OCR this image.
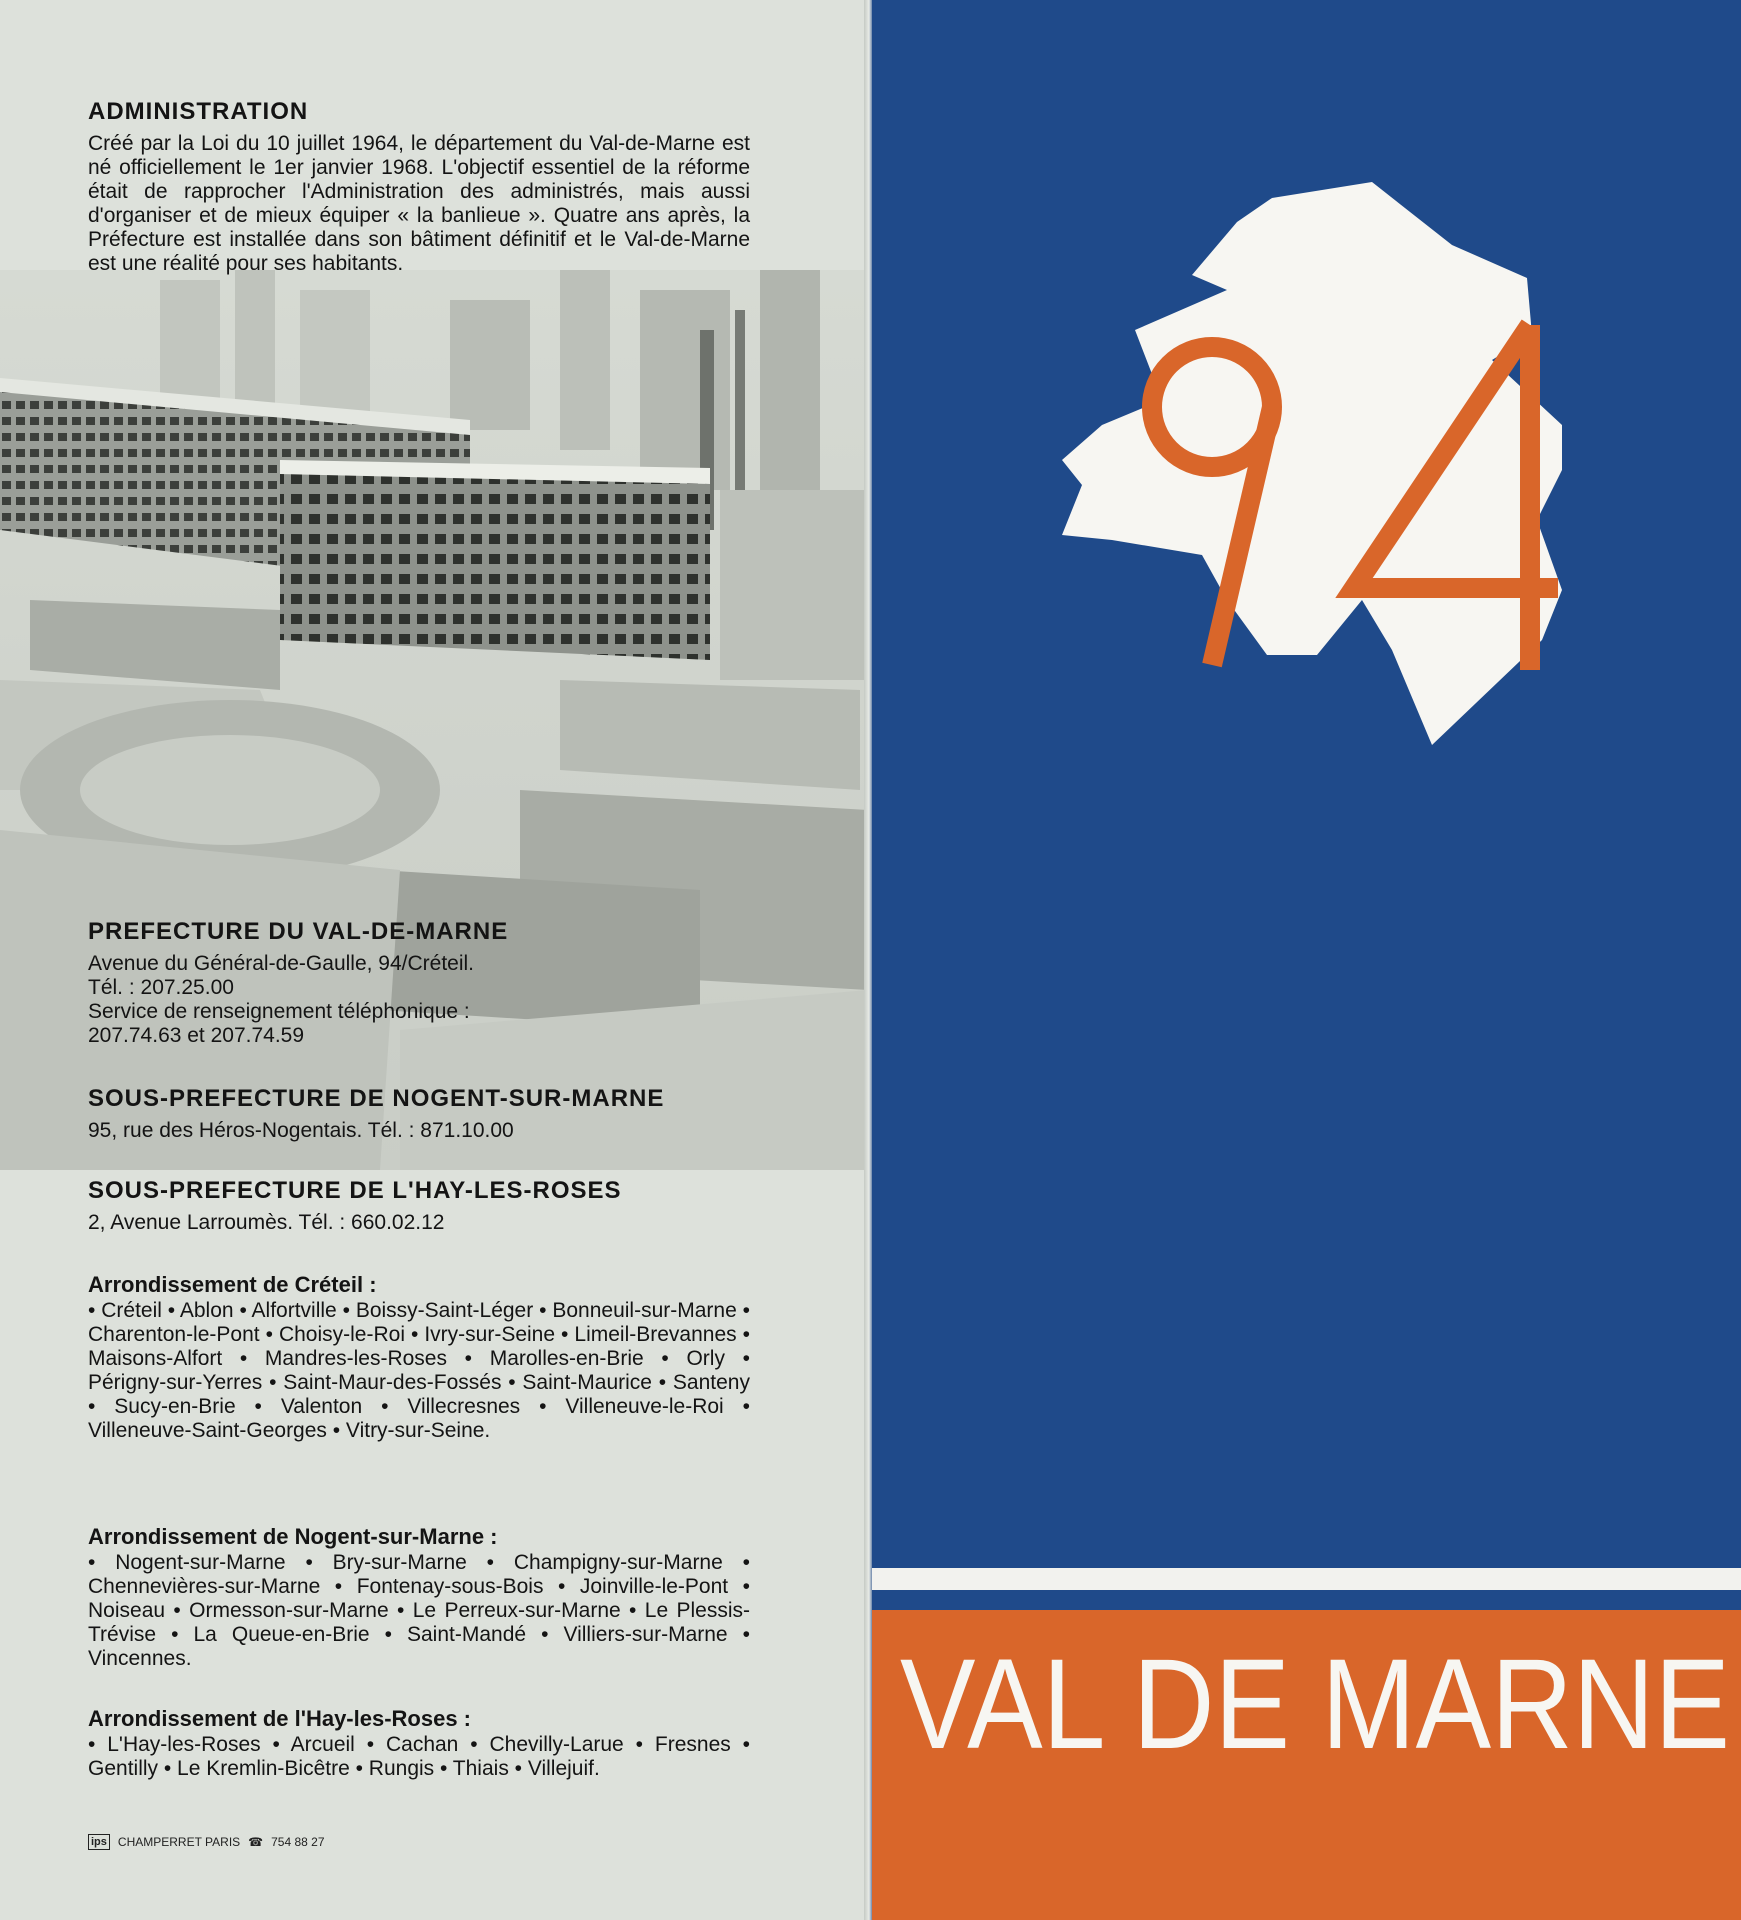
ADMINISTRATION

Créé par la Loi du 10 juillet 1964, le département du Val-de-Marne est né officiellement le 1er janvier 1968. L'objectif essentiel de la réforme était de rapprocher l'Administration des administrés, mais aussi d'organiser et de mieux équiper « la banlieue ». Quatre ans après, la Préfecture est installée dans son bâtiment définitif et le Val-de-Marne est une réalité pour ses habitants.

PREFECTURE DU VAL-DE-MARNE

Avenue du Général-de-Gaulle, 94/Créteil.

Tél. : 207.25.00

Service de renseignement téléphonique :

207.74.63 et 207.74.59

SOUS-PREFECTURE DE NOGENT-SUR-MARNE

95, rue des Héros-Nogentais. Tél. : 871.10.00

SOUS-PREFECTURE DE L'HAY-LES-ROSES

2, Avenue Larroumès. Tél. : 660.02.12

Arrondissement de Créteil :

• Créteil • Ablon • Alfortville • Boissy-Saint-Léger • Bonneuil-sur-Marne • Charenton-le-Pont • Choisy-le-Roi • Ivry-sur-Seine • Limeil-Brevannes • Maisons-Alfort • Mandres-les-Roses • Marolles-en-Brie • Orly • Périgny-sur-Yerres • Saint-Maur-des-Fossés • Saint-Maurice • Santeny • Sucy-en-Brie • Valenton • Villecresnes • Villeneuve-le-Roi • Villeneuve-Saint-Georges • Vitry-sur-Seine.

Arrondissement de Nogent-sur-Marne :

• Nogent-sur-Marne • Bry-sur-Marne • Champigny-sur-Marne • Chennevières-sur-Marne • Fontenay-sous-Bois • Joinville-le-Pont • Noiseau • Ormesson-sur-Marne • Le Perreux-sur-Marne • Le Plessis-Trévise • La Queue-en-Brie • Saint-Mandé • Villiers-sur-Marne • Vincennes.

Arrondissement de l'Hay-les-Roses :

• L'Hay-les-Roses • Arcueil • Cachan • Chevilly-Larue • Fresnes • Gentilly • Le Kremlin-Bicêtre • Rungis • Thiais • Villejuif.

ips CHAMPERRET PARIS ☎ 754 88 27
VAL DE MARNE
